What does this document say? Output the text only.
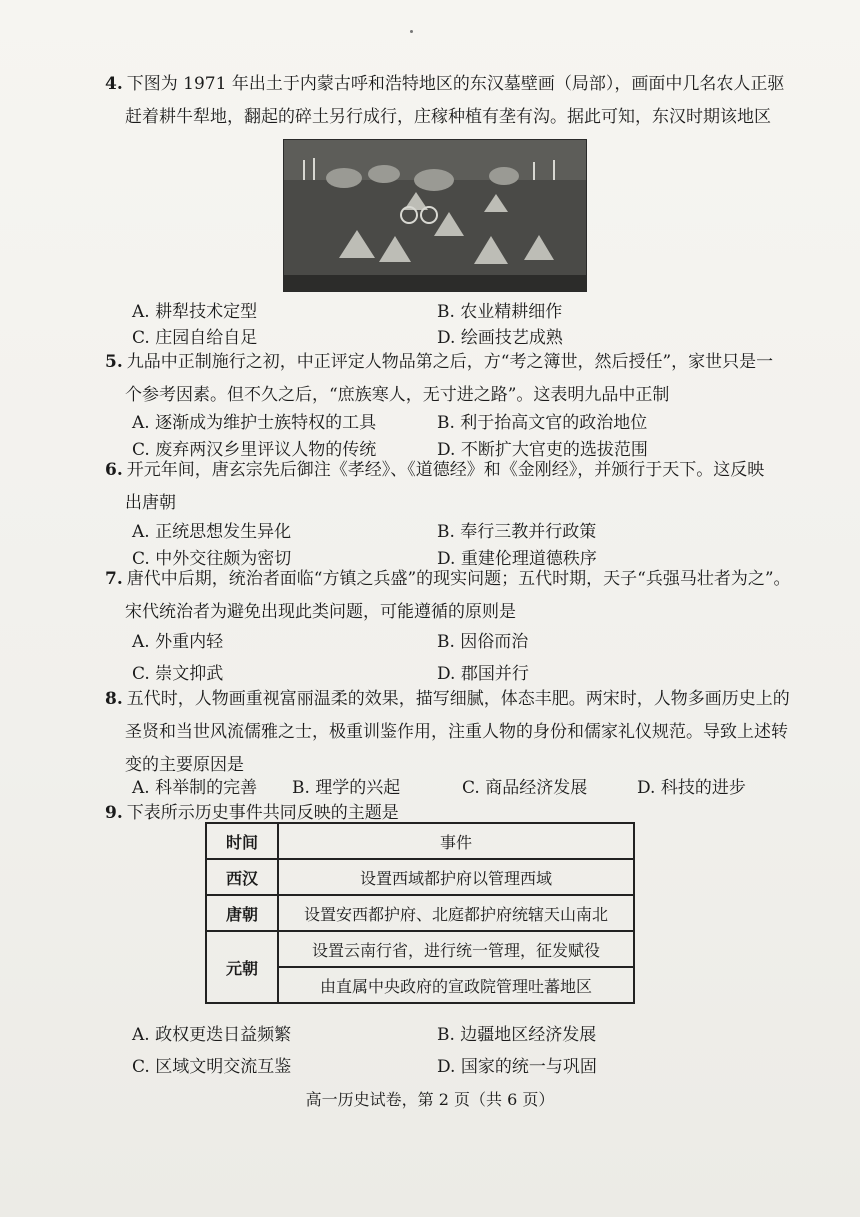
4. 下图为 1971 年出土于内蒙古呼和浩特地区的东汉墓壁画（局部），画面中几名农人正驱
赶着耕牛犁地，翻起的碎土另行成行，庄稼种植有垄有沟。据此可知，东汉时期该地区
A. 耕犁技术定型	B. 农业精耕细作
C. 庄园自给自足	D. 绘画技艺成熟
5. 九品中正制施行之初，中正评定人物品第之后，方“考之簿世，然后授任”，家世只是一
个参考因素。但不久之后，“庶族寒人，无寸进之路”。这表明九品中正制
A. 逐渐成为维护士族特权的工具	B. 利于抬高文官的政治地位
C. 废弃两汉乡里评议人物的传统	D. 不断扩大官吏的选拔范围
6. 开元年间，唐玄宗先后御注《孝经》、《道德经》和《金刚经》，并颁行于天下。这反映
出唐朝
A. 正统思想发生异化	B. 奉行三教并行政策
C. 中外交往颇为密切	D. 重建伦理道德秩序
7. 唐代中后期，统治者面临“方镇之兵盛”的现实问题；五代时期，天子“兵强马壮者为之”。
宋代统治者为避免出现此类问题，可能遵循的原则是
A. 外重内轻	B. 因俗而治
C. 崇文抑武	D. 郡国并行
8. 五代时，人物画重视富丽温柔的效果，描写细腻，体态丰肥。两宋时，人物多画历史上的
圣贤和当世风流儒雅之士，极重训鉴作用，注重人物的身份和儒家礼仪规范。导致上述转
变的主要原因是
A. 科举制的完善 B. 理学的兴起	C. 商品经济发展	D. 科技的进步
9. 下表所示历史事件共同反映的主题是
时间	事件
西汉	设置西域都护府以管理西域
唐朝	设置安西都护府、北庭都护府统辖天山南北
元朝	设置云南行省，进行统一管理，征发赋役
	由直属中央政府的宣政院管理吐蕃地区
A. 政权更迭日益频繁	B. 边疆地区经济发展
C. 区域文明交流互鉴	D. 国家的统一与巩固
高一历史试卷，第 2 页（共 6 页）
